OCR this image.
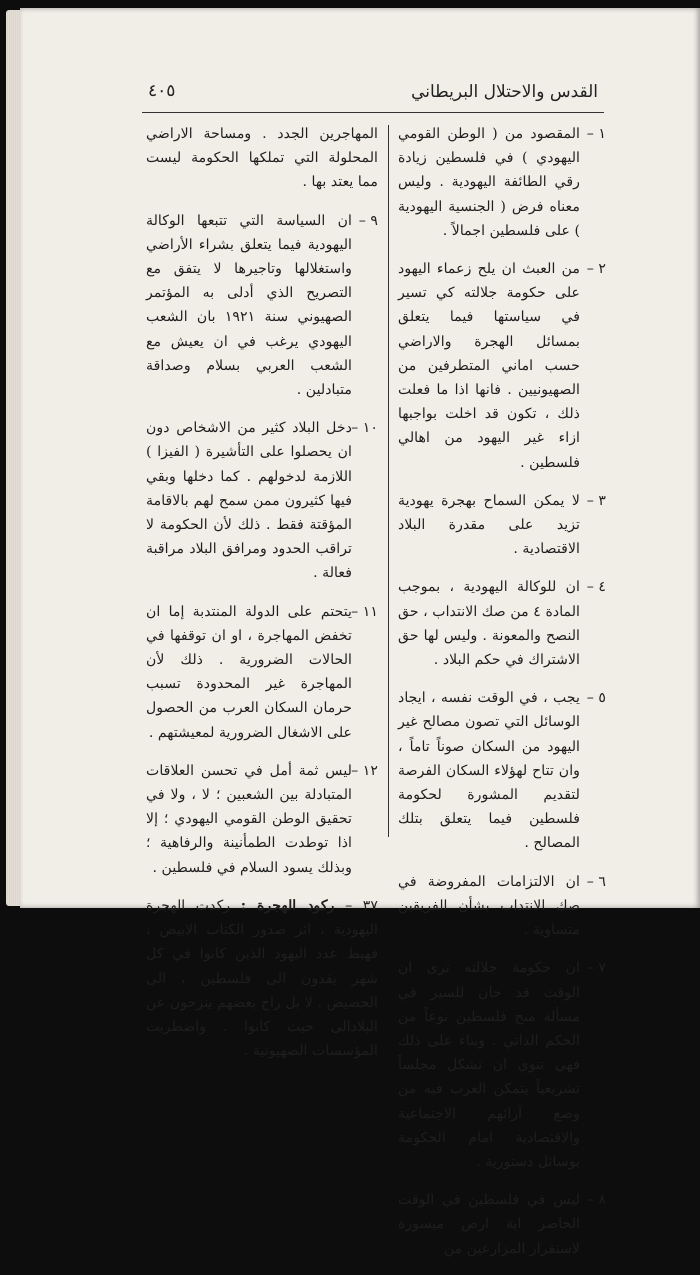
القدس والاحتلال البريطاني
٤٠٥
١ –
المقصود من ( الوطن القومي اليهودي ) في فلسطين زيادة رقي الطائفة اليهودية . وليس معناه فرض ( الجنسية اليهودية ) على فلسطين اجمالاً .
٢ –
من العبث ان يلح زعماء اليهود على حكومة جلالته كي تسير في سياستها فيما يتعلق بمسائل الهجرة والاراضي حسب اماني المتطرفين من الصهيونيين . فانها اذا ما فعلت ذلك ، تكون قد اخلت بواجبها ازاء غير اليهود من اهالي فلسطين .
٣ –
لا يمكن السماح بهجرة يهودية تزيد على مقدرة البلاد الاقتصادية .
٤ –
ان للوكالة اليهودية ، بموجب المادة ٤ من صك الانتداب ، حق النصح والمعونة . وليس لها حق الاشتراك في حكم البلاد .
٥ –
يجب ، في الوقت نفسه ، ايجاد الوسائل التي تصون مصالح غير اليهود من السكان صوناً تاماً ، وان تتاح لهؤلاء السكان الفرصة لتقديم المشورة لحكومة فلسطين فيما يتعلق بتلك المصالح .
٦ –
ان الالتزامات المفروضة في صك الانتداب بشأن الفريقين متساوية .
٧ –
ان حكومة جلالته ترى ان الوقت قد حان للسير في مسألة منح فلسطين نوعاً من الحكم الذاتي . وبناء على ذلك فهي تنوي ان تشكل مجلساً تشريعياً يتمكن العرب فيه من وضع آرائهم الاجتماعية والاقتصادية امام الحكومة بوسائل دستورية .
٨ –
ليس في فلسطين في الوقت الحاضر اية ارض ميسورة لاستقرار المزارعين من
المهاجرين الجدد . ومساحة الاراضي المحلولة التي تملكها الحكومة ليست مما يعتد بها .
٩ –
ان السياسة التي تتبعها الوكالة اليهودية فيما يتعلق بشراء الأراضي واستغلالها وتاجيرها لا يتفق مع التصريح الذي أدلى به المؤتمر الصهيوني سنة ١٩٢١ بان الشعب اليهودي يرغب في ان يعيش مع الشعب العربي بسلام وصداقة متبادلين .
١٠ –
دخل البلاد كثير من الاشخاص دون ان يحصلوا على التأشيرة ( الفيزا ) اللازمة لدخولهم . كما دخلها وبقي فيها كثيرون ممن سمح لهم بالاقامة المؤقتة فقط . ذلك لأن الحكومة لا تراقب الحدود ومرافق البلاد مراقبة فعالة .
١١ –
يتحتم على الدولة المنتدبة إما ان تخفض المهاجرة ، او ان توقفها في الحالات الضرورية . ذلك لأن المهاجرة غير المحدودة تسبب حرمان السكان العرب من الحصول على الاشغال الضرورية لمعيشتهم .
١٢ –
ليس ثمة أمل في تحسن العلاقات المتبادلة بين الشعبين ؛ لا ، ولا في تحقيق الوطن القومي اليهودي ؛ إلا اذا توطدت الطمأنينة والرفاهية ؛ وبذلك يسود السلام في فلسطين .
٣٧ – ركود الهجرة : ركدت الهجرة اليهودية ، اثر صدور الكتاب الابيض ، فهبط عدد اليهود الذين كانوا في كل شهر يفدون الى فلسطين ، الى الحضيض . لا بل راح بعضهم ينزحون عن البلادالى حيث كانوا . واضطربت المؤسسات الصهيونية .
